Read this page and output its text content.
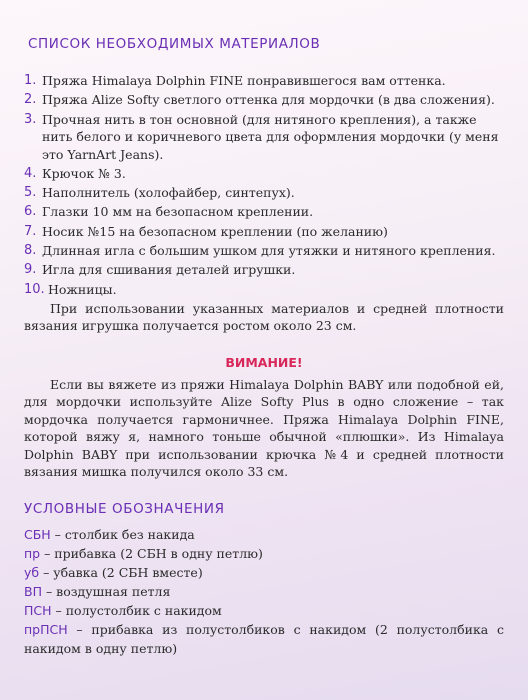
СПИСОК НЕОБХОДИМЫХ МАТЕРИАЛОВ
1. Пряжа Himalaya Dolphin FINE понравившегося вам оттенка.
2. Пряжа Alize Softy светлого оттенка для мордочки (в два сложения).
3. Прочная нить в тон основной (для нитяного крепления), а также нить белого и коричневого цвета для оформления мордочки (у меня это YarnArt Jeans).
4. Крючок № 3.
5. Наполнитель (холофайбер, синтепух).
6. Глазки 10 мм на безопасном креплении.
7. Носик №15 на безопасном креплении (по желанию)
8. Длинная игла с большим ушком для утяжки и нитяного крепления.
9. Игла для сшивания деталей игрушки.
10. Ножницы.

При использовании указанных материалов и средней плотности вязания игрушка получается ростом около 23 см.

ВИМАНИЕ!

Если вы вяжете из пряжи Himalaya Dolphin BABY или подобной ей, для мордочки используйте Alize Softy Plus в одно сложение – так мордочка получается гармоничнее. Пряжа Himalaya Dolphin FINE, которой вяжу я, намного тоньше обычной «плюшки». Из Himalaya Dolphin BABY при использовании крючка №4 и средней плотности вязания мишка получился около 33 см.

УСЛОВНЫЕ ОБОЗНАЧЕНИЯ

СБН – столбик без накида

пр – прибавка (2 СБН в одну петлю)

уб – убавка (2 СБН вместе)

ВП – воздушная петля

ПСН – полустолбик с накидом

прПСН – прибавка из полустолбиков с накидом (2 полустолбика с накидом в одну петлю)
